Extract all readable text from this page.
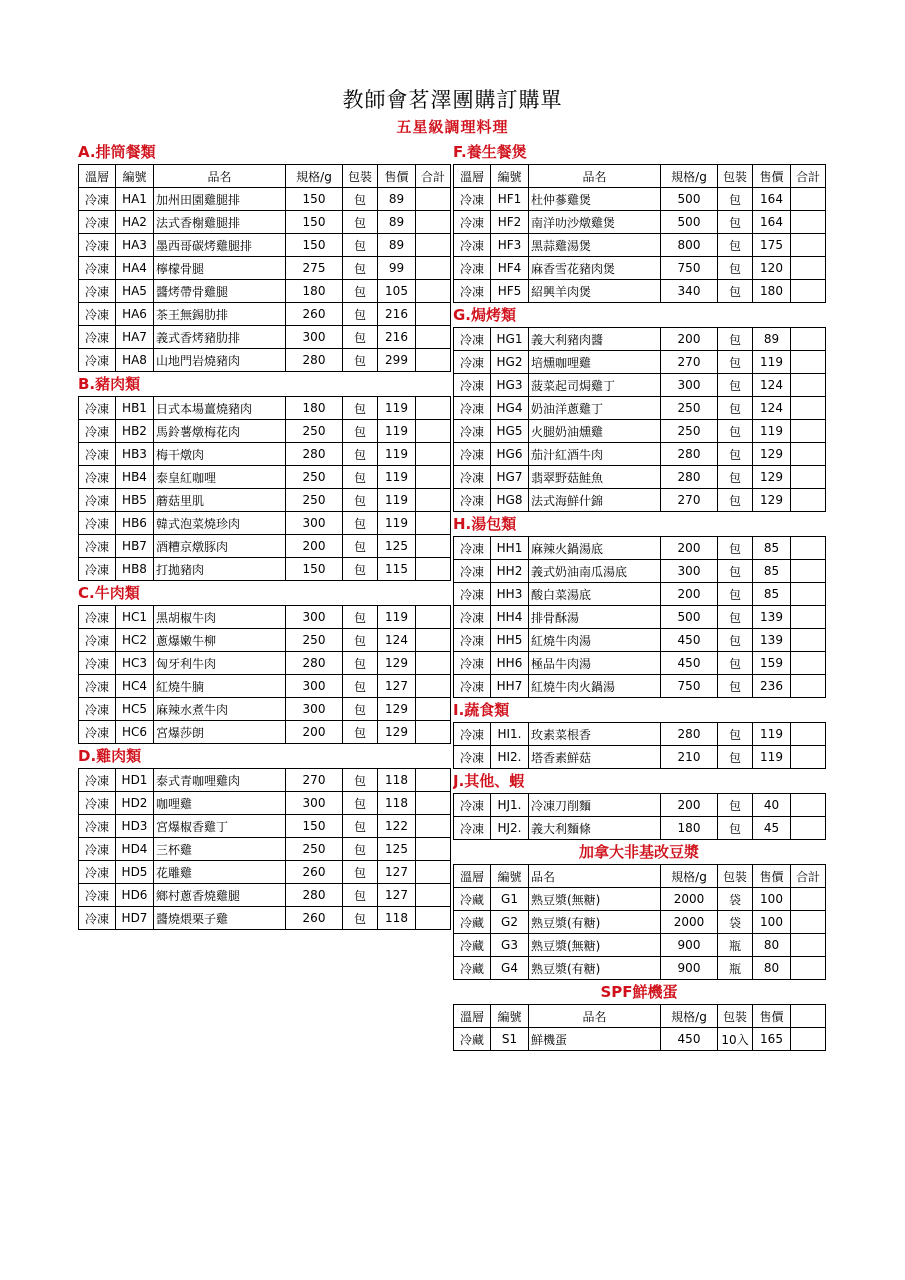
教師會茗澤團購訂購單
五星級調理料理
A.排筒餐類
溫層	編號	品名	規格/g	包裝	售價	合計
冷凍	HA1	加州田園雞腿排	150	包	89	
冷凍	HA2	法式香榭雞腿排	150	包	89	
冷凍	HA3	墨西哥碳烤雞腿排	150	包	89	
冷凍	HA4	檸檬骨腿	275	包	99	
冷凍	HA5	醬烤帶骨雞腿	180	包	105	
冷凍	HA6	茶王無錫肋排	260	包	216	
冷凍	HA7	義式香烤豬肋排	300	包	216	
冷凍	HA8	山地門岩燒豬肉	280	包	299	
B.豬肉類
冷凍	HB1	日式本場薑燒豬肉	180	包	119	
冷凍	HB2	馬鈴薯燉梅花肉	250	包	119	
冷凍	HB3	梅干燉肉	280	包	119	
冷凍	HB4	泰皇紅咖哩	250	包	119	
冷凍	HB5	蘑菇里肌	250	包	119	
冷凍	HB6	韓式泡菜燒珍肉	300	包	119	
冷凍	HB7	酒糟京燉豚肉	200	包	125	
冷凍	HB8	打拋豬肉	150	包	115	
C.牛肉類
冷凍	HC1	黑胡椒牛肉	300	包	119	
冷凍	HC2	蔥爆嫩牛柳	250	包	124	
冷凍	HC3	匈牙利牛肉	280	包	129	
冷凍	HC4	紅燒牛腩	300	包	127	
冷凍	HC5	麻辣水煮牛肉	300	包	129	
冷凍	HC6	宮爆莎朗	200	包	129	
D.雞肉類
冷凍	HD1	泰式青咖哩雞肉	270	包	118	
冷凍	HD2	咖哩雞	300	包	118	
冷凍	HD3	宮爆椒香雞丁	150	包	122	
冷凍	HD4	三杯雞	250	包	125	
冷凍	HD5	花雕雞	260	包	127	
冷凍	HD6	鄉村蔥香燒雞腿	280	包	127	
冷凍	HD7	醬燒煨栗子雞	260	包	118	
F.養生餐煲
溫層	編號	品名	規格/g	包裝	售價	合計
冷凍	HF1	杜仲蔘雞煲	500	包	164	
冷凍	HF2	南洋叻沙燉雞煲	500	包	164	
冷凍	HF3	黑蒜雞湯煲	800	包	175	
冷凍	HF4	麻香雪花豬肉煲	750	包	120	
冷凍	HF5	紹興羊肉煲	340	包	180	
G.焗烤類
冷凍	HG1	義大利豬肉醬	200	包	89	
冷凍	HG2	培燻咖哩雞	270	包	119	
冷凍	HG3	菠菜起司焗雞丁	300	包	124	
冷凍	HG4	奶油洋蔥雞丁	250	包	124	
冷凍	HG5	火腿奶油燻雞	250	包	119	
冷凍	HG6	茄汁紅酒牛肉	280	包	129	
冷凍	HG7	翡翠野菇鮭魚	280	包	129	
冷凍	HG8	法式海鮮什錦	270	包	129	
H.湯包類
冷凍	HH1	麻辣火鍋湯底	200	包	85	
冷凍	HH2	義式奶油南瓜湯底	300	包	85	
冷凍	HH3	酸白菜湯底	200	包	85	
冷凍	HH4	排骨酥湯	500	包	139	
冷凍	HH5	紅燒牛肉湯	450	包	139	
冷凍	HH6	極品牛肉湯	450	包	159	
冷凍	HH7	紅燒牛肉火鍋湯	750	包	236	
I.蔬食類
冷凍	HI1.	玫素菜根香	280	包	119	
冷凍	HI2.	塔香素鮮菇	210	包	119	
J.其他、蝦
冷凍	HJ1.	冷凍刀削麵	200	包	40	
冷凍	HJ2.	義大利麵條	180	包	45	
加拿大非基改豆漿
溫層	編號	品名	規格/g	包裝	售價	合計
冷藏	G1	熟豆漿(無糖)	2000	袋	100	
冷藏	G2	熟豆漿(有糖)	2000	袋	100	
冷藏	G3	熟豆漿(無糖)	900	瓶	80	
冷藏	G4	熟豆漿(有糖)	900	瓶	80	
SPF鮮機蛋
溫層	編號	品名	規格/g	包裝	售價	
冷藏	S1	鮮機蛋	450	10入	165	
